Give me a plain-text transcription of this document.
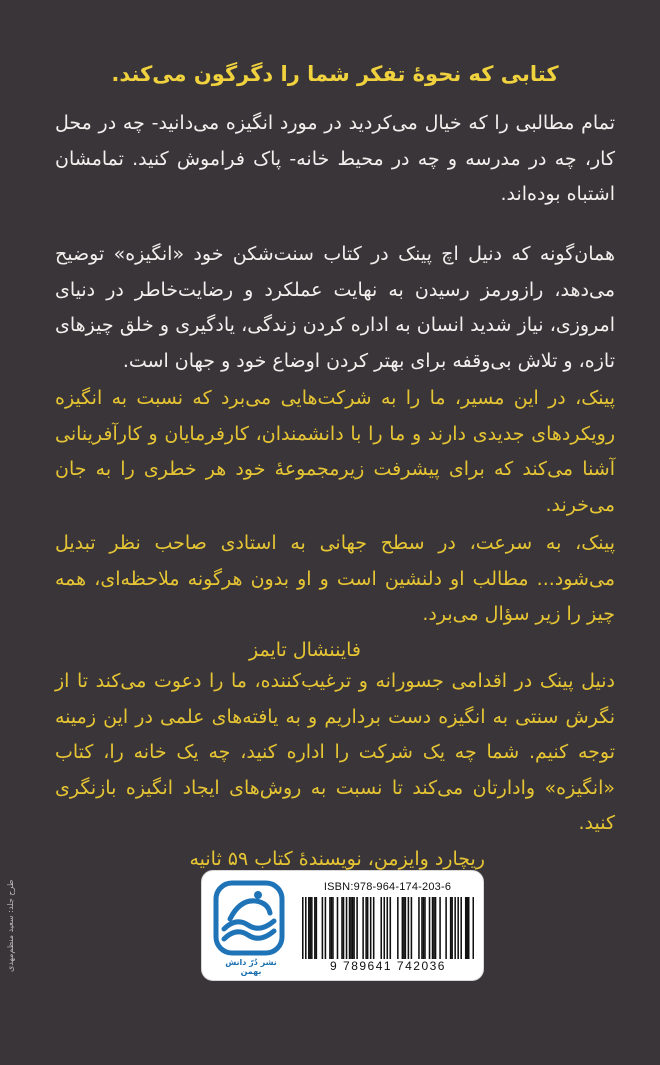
کتابی که نحوۀ تفکر شما را دگرگون می‌کند.
تمام مطالبی را که خیال می‌کردید در مورد انگیزه می‌دانید- چه در محل کار، چه در مدرسه و چه در محیط خانه- پاک فراموش کنید. تمامشان اشتباه بوده‌اند.
همان‌گونه که دنیل اچ پینک در کتاب سنت‌شکن خود «انگیزه» توضیح می‌دهد، رازورمز رسیدن به نهایت عملکرد و رضایت‌خاطر در دنیای امروزی، نیاز شدید انسان به اداره کردن زندگی، یادگیری و خلق چیزهای تازه، و تلاش بی‌وقفه برای بهتر کردن اوضاع خود و جهان است.
پینک، در این مسیر، ما را به شرکت‌هایی می‌برد که نسبت به انگیزه رویکردهای جدیدی دارند و ما را با دانشمندان، کارفرمایان و کارآفرینانی آشنا می‌کند که برای پیشرفت زیرمجموعۀ خود هر خطری را به جان می‌خرند.
پینک، به سرعت، در سطح جهانی به استادی صاحب نظر تبدیل می‌شود... مطالب او دلنشین است و او بدون هرگونه ملاحظه‌ای، همه چیز را زیر سؤال می‌برد.
فایننشال تایمز
دنیل پینک در اقدامی جسورانه و ترغیب‌کننده، ما را دعوت می‌کند تا از نگرش سنتی به انگیزه دست برداریم و به یافته‌های علمی در این زمینه توجه کنیم. شما چه یک شرکت را اداره کنید، چه یک خانه را، کتاب «انگیزه» وادارتان می‌کند تا نسبت به روش‌های ایجاد انگیزه بازنگری کنید.
ریچارد وایزمن، نویسندۀ کتاب ۵۹ ثانیه
طرح جلد: سعید منظم‌مهدی	نشر دُرّ دانش بهمن
ISBN:978-964-174-203-6
9 789641 742036
